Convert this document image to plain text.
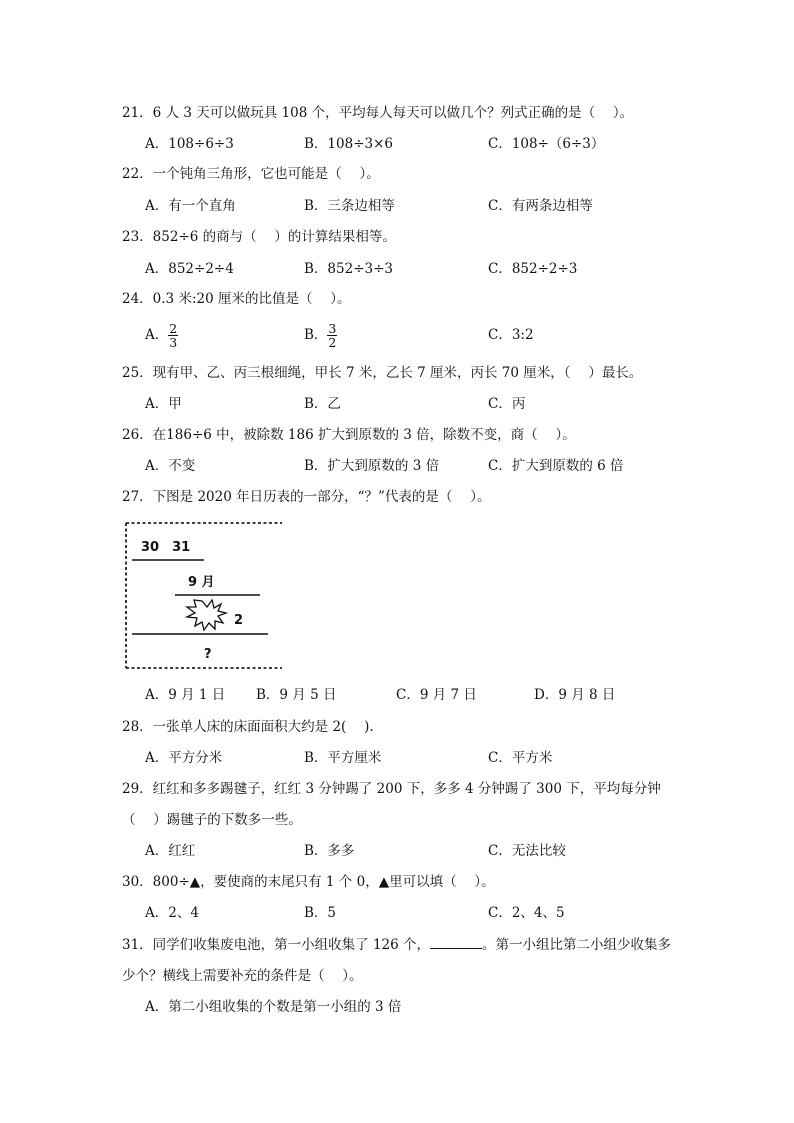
21．6 人 3 天可以做玩具 108 个，平均每人每天可以做几个？列式正确的是（　 ）。
A．108÷6÷3	B．108÷3×6	C．108÷（6÷3）
22．一个钝角三角形，它也可能是（　 ）。
A．有一个直角	B．三条边相等	C．有两条边相等
23．852÷6 的商与（　 ）的计算结果相等。
A．852÷2÷4	B．852÷3÷3	C．852÷2÷3
24．0.3 米:20 厘米的比值是（　 ）。
A． $\frac{2}{3}$	B． $\frac{3}{2}$	C．3:2
25．现有甲、乙、丙三根细绳，甲长 7 米，乙长 7 厘米，丙长 70 厘米，（　 ）最长。
A．甲	B．乙	C．丙
26．在186÷6 中，被除数 186 扩大到原数的 3 倍，除数不变，商（　 ）。
A．不变	B．扩大到原数的 3 倍	C．扩大到原数的 6 倍
27．下图是 2020 年日历表的一部分，“？”代表的是（　 ）。
30　31
9 月
2
?
A．9 月 1 日 B．9 月 5 日	C．9 月 7 日	D．9 月 8 日
28．一张单人床的床面面积大约是 2(　 ).
A．平方分米	B．平方厘米	C．平方米
29．红红和多多踢毽子，红红 3 分钟踢了 200 下，多多 4 分钟踢了 300 下，平均每分钟
（　 ）踢毽子的下数多一些。
A．红红	B．多多	C．无法比较
30．800÷▲，要使商的末尾只有 1 个 0，▲里可以填（　 ）。
A．2、4	B．5	C．2、4、5
31．同学们收集废电池，第一小组收集了 126 个，	。第一小组比第二小组少收集多
少个？横线上需要补充的条件是（　 ）。
A．第二小组收集的个数是第一小组的 3 倍
